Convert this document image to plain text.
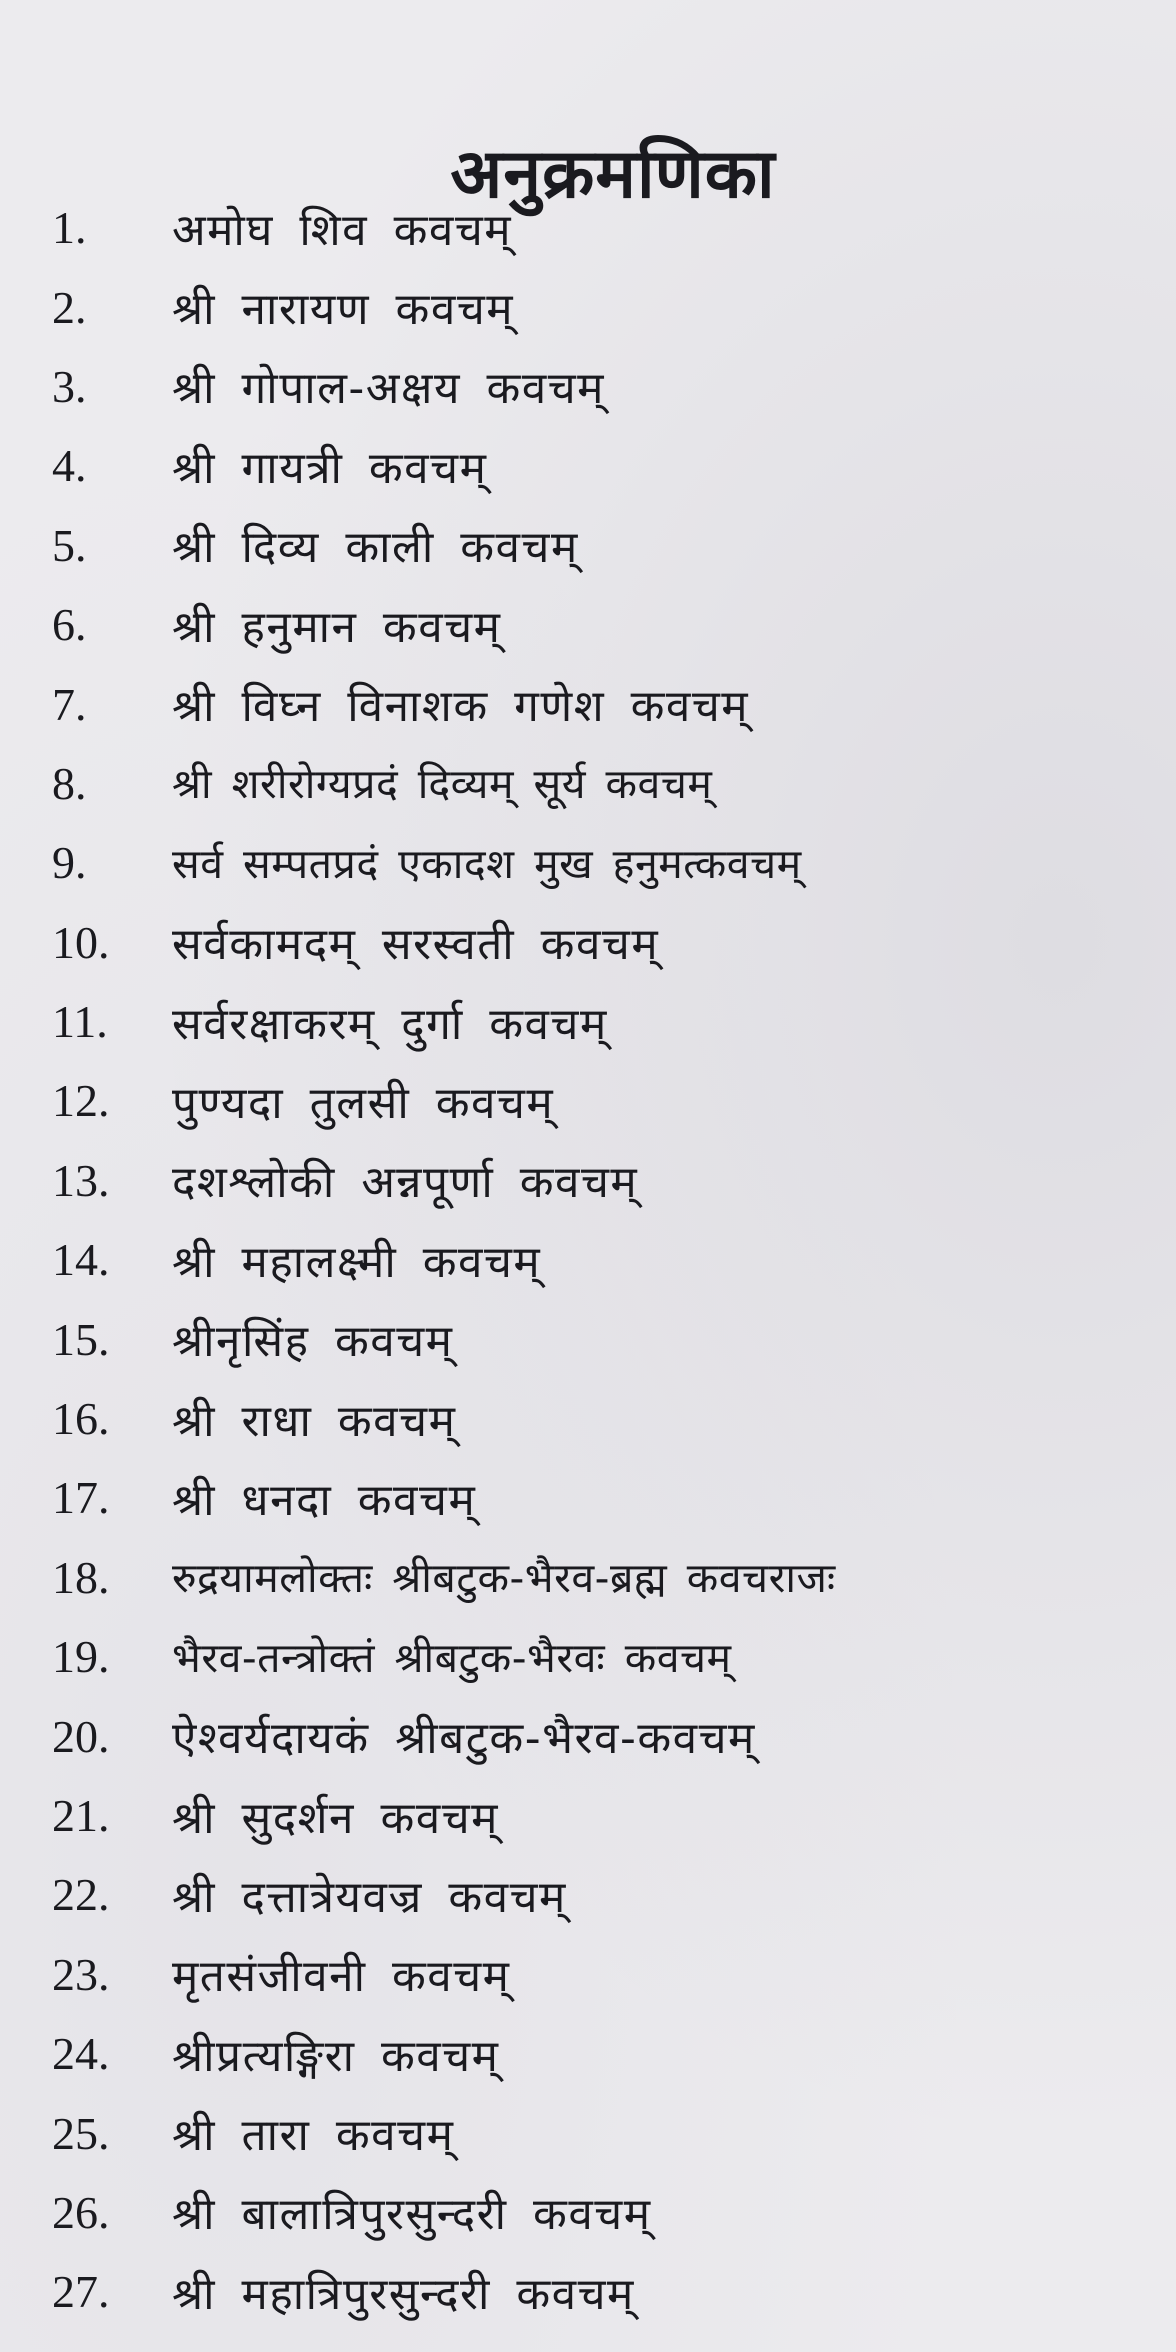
अनुक्रमणिका
1.	अमोघ शिव कवचम्
2.	श्री नारायण कवचम्
3.	श्री गोपाल-अक्षय कवचम्
4.	श्री गायत्री कवचम्
5.	श्री दिव्य काली कवचम्
6.	श्री हनुमान कवचम्
7.	श्री विघ्न विनाशक गणेश कवचम्
8.	श्री शरीरोग्यप्रदं दिव्यम् सूर्य कवचम्
9.	सर्व सम्पतप्रदं एकादश मुख हनुमत्कवचम्
10.	सर्वकामदम् सरस्वती कवचम्
11.	सर्वरक्षाकरम् दुर्गा कवचम्
12.	पुण्यदा तुलसी कवचम्
13.	दशश्लोकी अन्नपूर्णा कवचम्
14.	श्री महालक्ष्मी कवचम्
15.	श्रीनृसिंह कवचम्
16.	श्री राधा कवचम्
17.	श्री धनदा कवचम्
18.	रुद्रयामलोक्तः श्रीबटुक-भैरव-ब्रह्म कवचराजः
19.	भैरव-तन्त्रोक्तं श्रीबटुक-भैरवः कवचम्
20.	ऐश्वर्यदायकं श्रीबटुक-भैरव-कवचम्
21.	श्री सुदर्शन कवचम्
22.	श्री दत्तात्रेयवज्र कवचम्
23.	मृतसंजीवनी कवचम्
24.	श्रीप्रत्यङ्गिरा कवचम्
25.	श्री तारा कवचम्
26.	श्री बालात्रिपुरसुन्दरी कवचम्
27.	श्री महात्रिपुरसुन्दरी कवचम्
